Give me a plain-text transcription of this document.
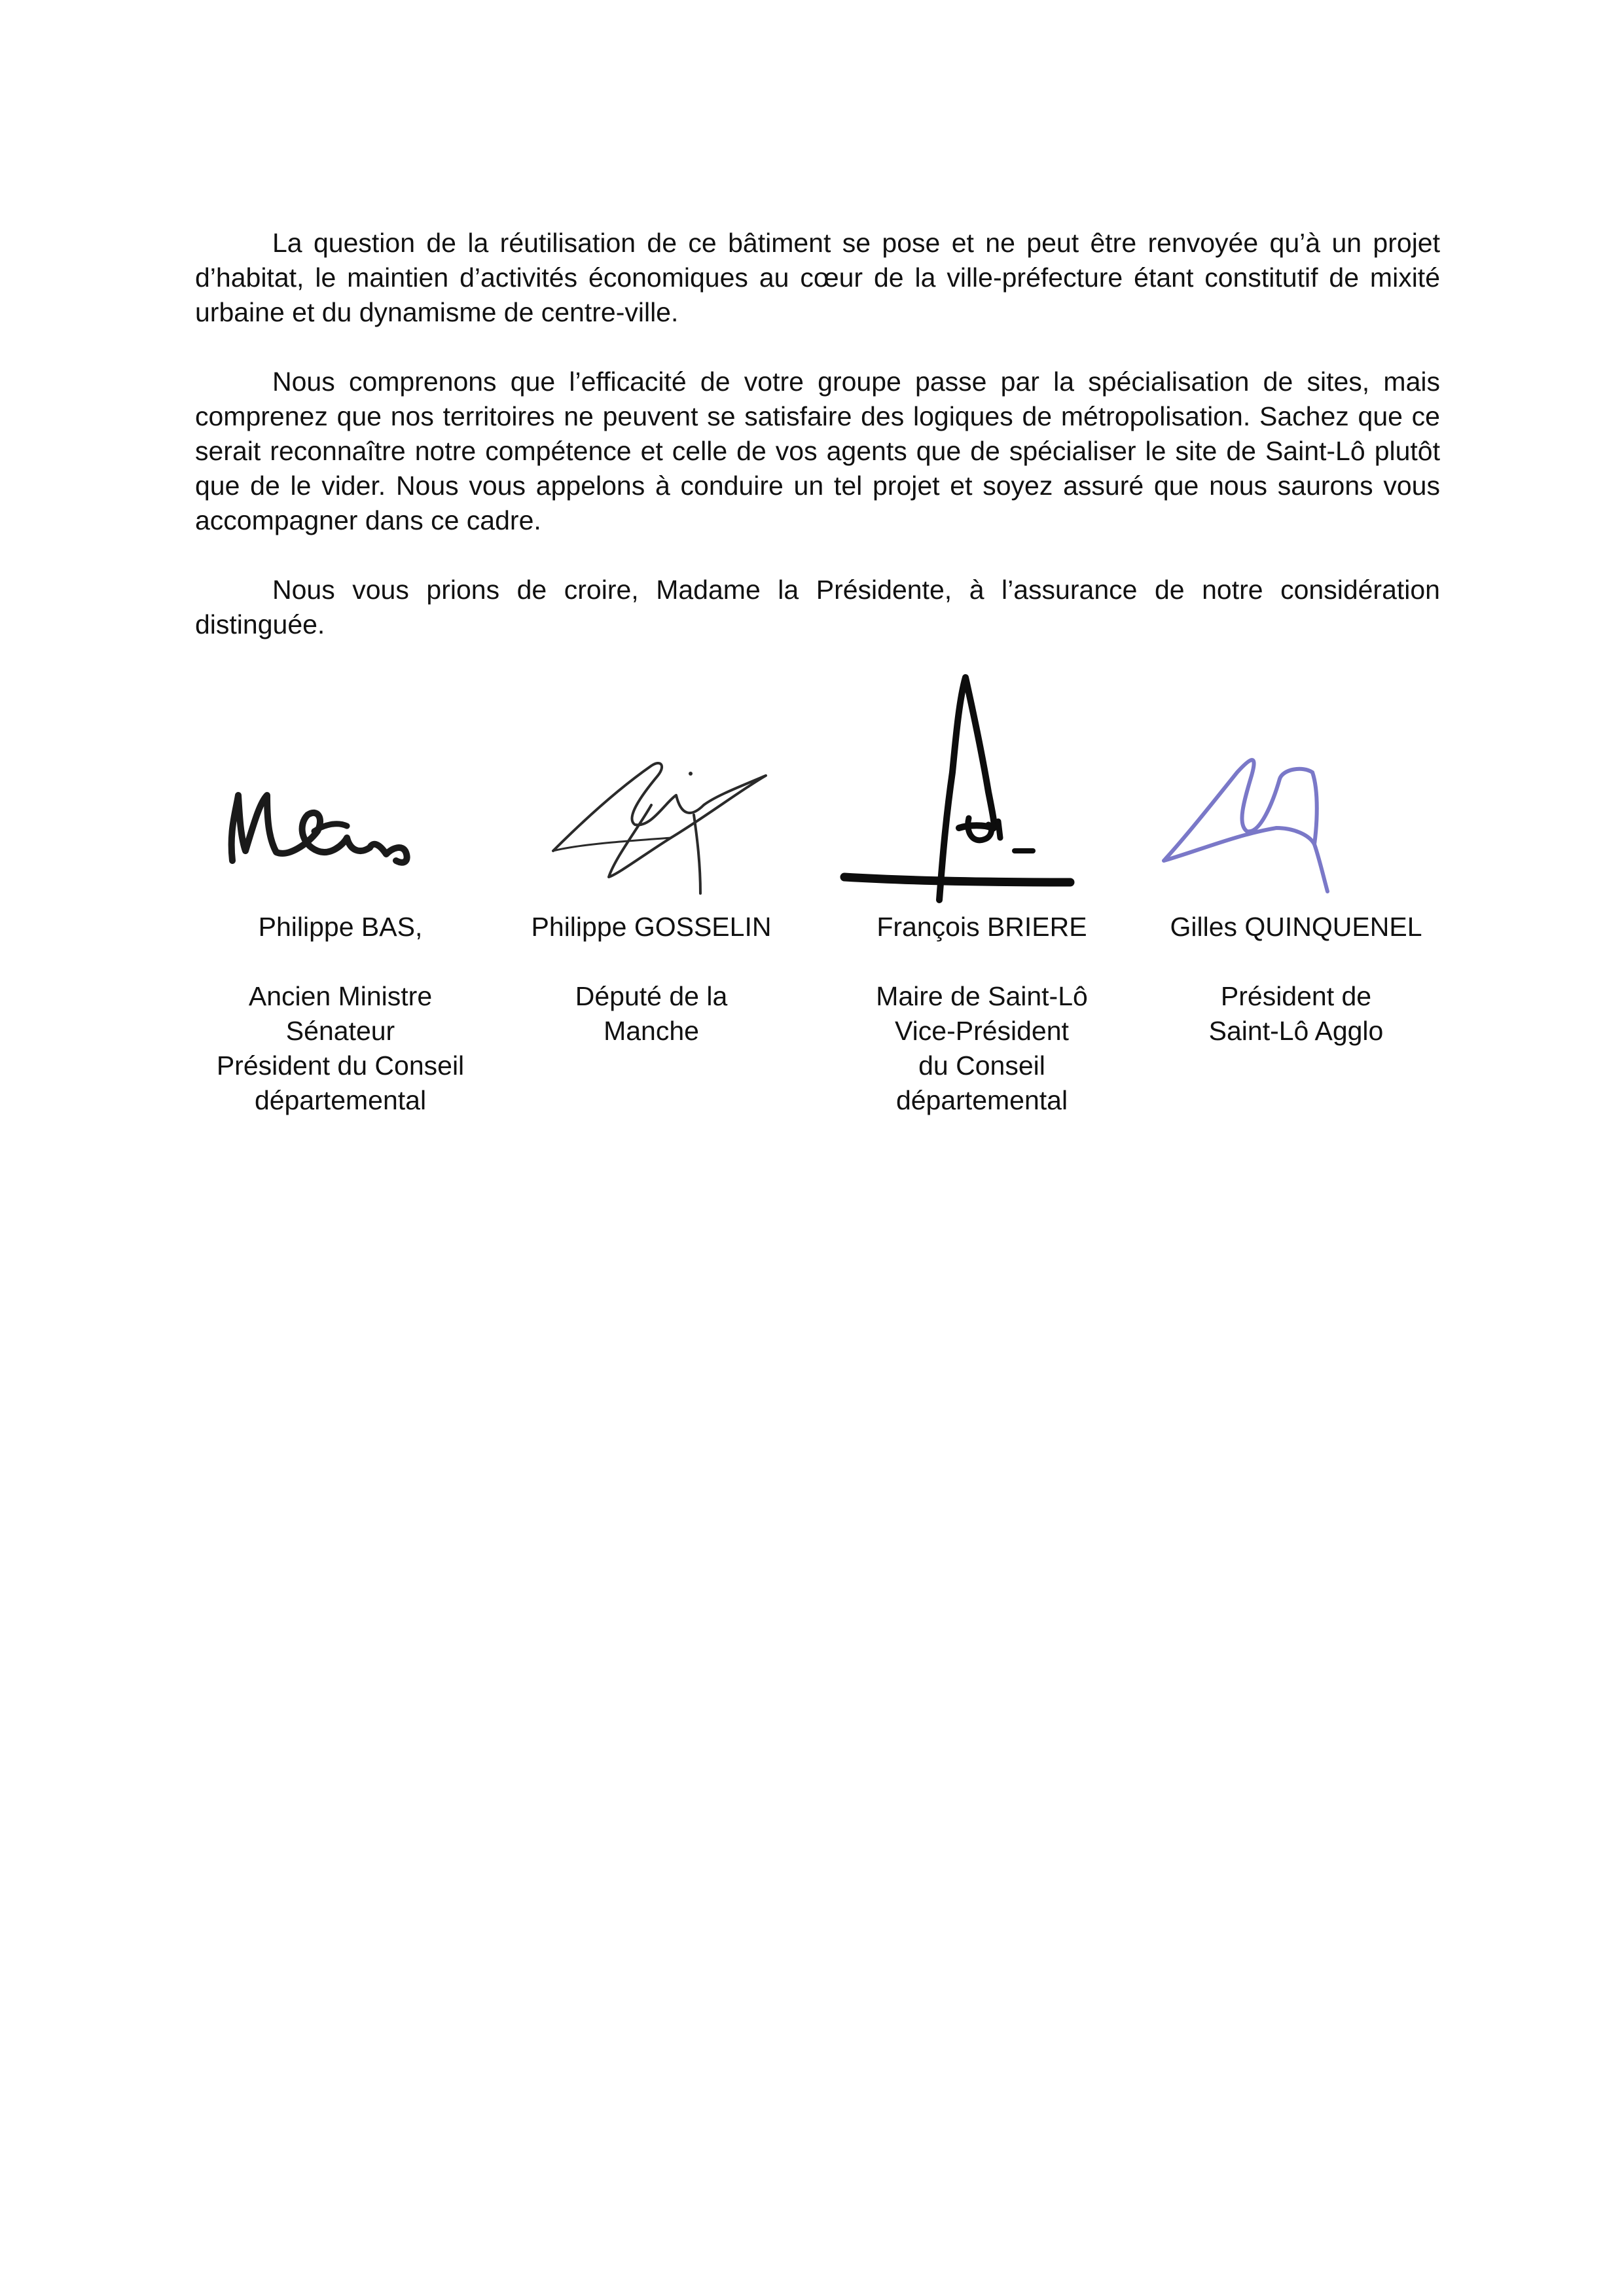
La question de la réutilisation de ce bâtiment se pose et ne peut être renvoyée qu’à un projet d’habitat, le maintien d’activités économiques au cœur de la ville-préfecture étant constitutif de mixité urbaine et du dynamisme de centre-ville.

Nous comprenons que l’efficacité de votre groupe passe par la spécialisation de sites, mais comprenez que nos territoires ne peuvent se satisfaire des logiques de métropolisation. Sachez que ce serait reconnaître notre compétence et celle de vos agents que de spécialiser le site de Saint-Lô plutôt que de le vider. Nous vous appelons à conduire un tel projet et soyez assuré que nous saurons vous accompagner dans ce cadre.

Nous vous prions de croire, Madame la Présidente, à l’assurance de notre considération distinguée.

Philippe BAS,
Ancien Ministre
Sénateur
Président du Conseil
départemental
Philippe GOSSELIN
Député de la
Manche
François BRIERE
Maire de Saint-Lô
Vice-Président
du Conseil
départemental
Gilles QUINQUENEL
Président de
Saint-Lô Agglo
